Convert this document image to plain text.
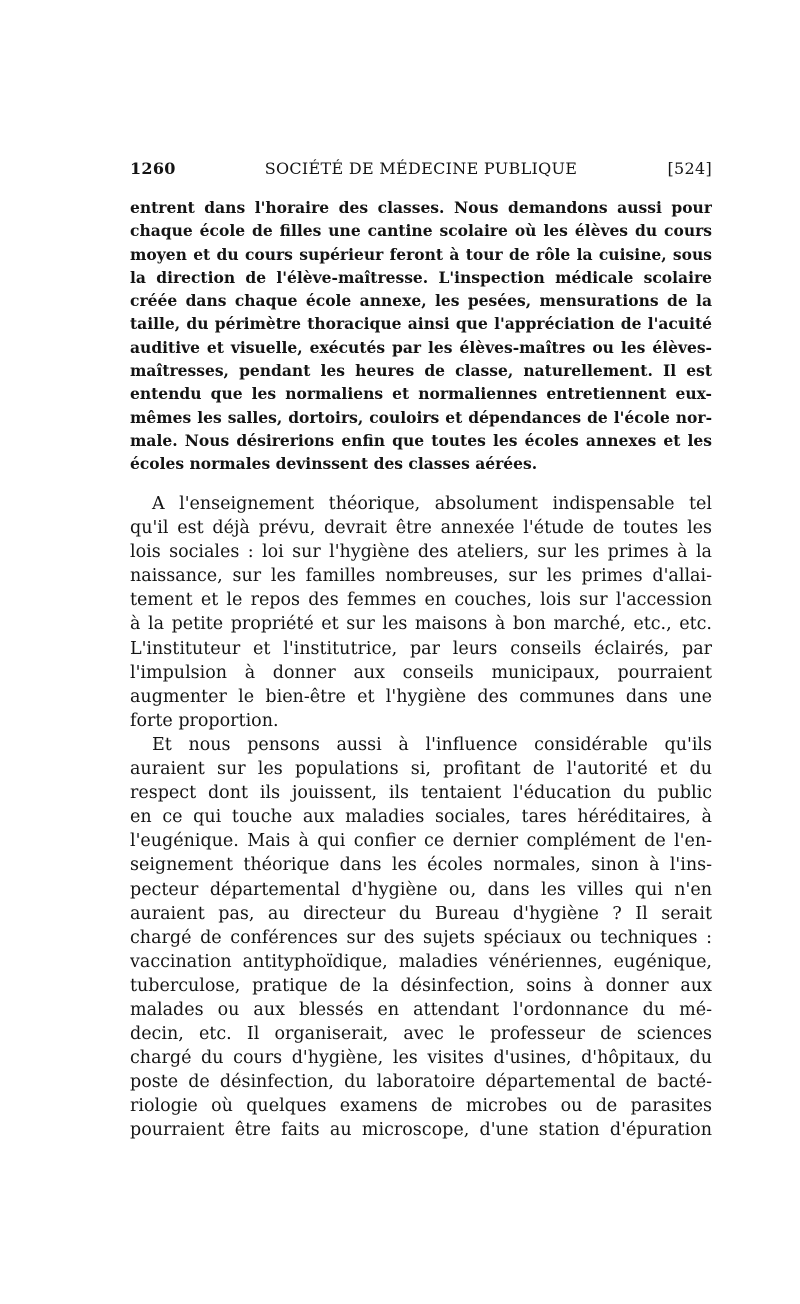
1260	SOCIÉTÉ DE MÉDECINE PUBLIQUE	[524]
entrent dans l'horaire des classes. Nous demandons aussi pour
chaque école de filles une cantine scolaire où les élèves du cours
moyen et du cours supérieur feront à tour de rôle la cuisine, sous
la direction de l'élève-maîtresse. L'inspection médicale scolaire
créée dans chaque école annexe, les pesées, mensurations de la
taille, du périmètre thoracique ainsi que l'appréciation de l'acuité
auditive et visuelle, exécutés par les élèves-maîtres ou les élèves-
maîtresses, pendant les heures de classe, naturellement. Il est
entendu que les normaliens et normaliennes entretiennent eux-
mêmes les salles, dortoirs, couloirs et dépendances de l'école nor-
male. Nous désirerions enfin que toutes les écoles annexes et les
écoles normales devinssent des classes aérées.
A l'enseignement théorique, absolument indispensable tel
qu'il est déjà prévu, devrait être annexée l'étude de toutes les
lois sociales : loi sur l'hygiène des ateliers, sur les primes à la
naissance, sur les familles nombreuses, sur les primes d'allai-
tement et le repos des femmes en couches, lois sur l'accession
à la petite propriété et sur les maisons à bon marché, etc., etc.
L'instituteur et l'institutrice, par leurs conseils éclairés, par
l'impulsion à donner aux conseils municipaux, pourraient
augmenter le bien-être et l'hygiène des communes dans une
forte proportion.
Et nous pensons aussi à l'influence considérable qu'ils
auraient sur les populations si, profitant de l'autorité et du
respect dont ils jouissent, ils tentaient l'éducation du public
en ce qui touche aux maladies sociales, tares héréditaires, à
l'eugénique. Mais à qui confier ce dernier complément de l'en-
seignement théorique dans les écoles normales, sinon à l'ins-
pecteur départemental d'hygiène ou, dans les villes qui n'en
auraient pas, au directeur du Bureau d'hygiène ? Il serait
chargé de conférences sur des sujets spéciaux ou techniques :
vaccination antityphoïdique, maladies vénériennes, eugénique,
tuberculose, pratique de la désinfection, soins à donner aux
malades ou aux blessés en attendant l'ordonnance du mé-
decin, etc. Il organiserait, avec le professeur de sciences
chargé du cours d'hygiène, les visites d'usines, d'hôpitaux, du
poste de désinfection, du laboratoire départemental de bacté-
riologie où quelques examens de microbes ou de parasites
pourraient être faits au microscope, d'une station d'épuration
